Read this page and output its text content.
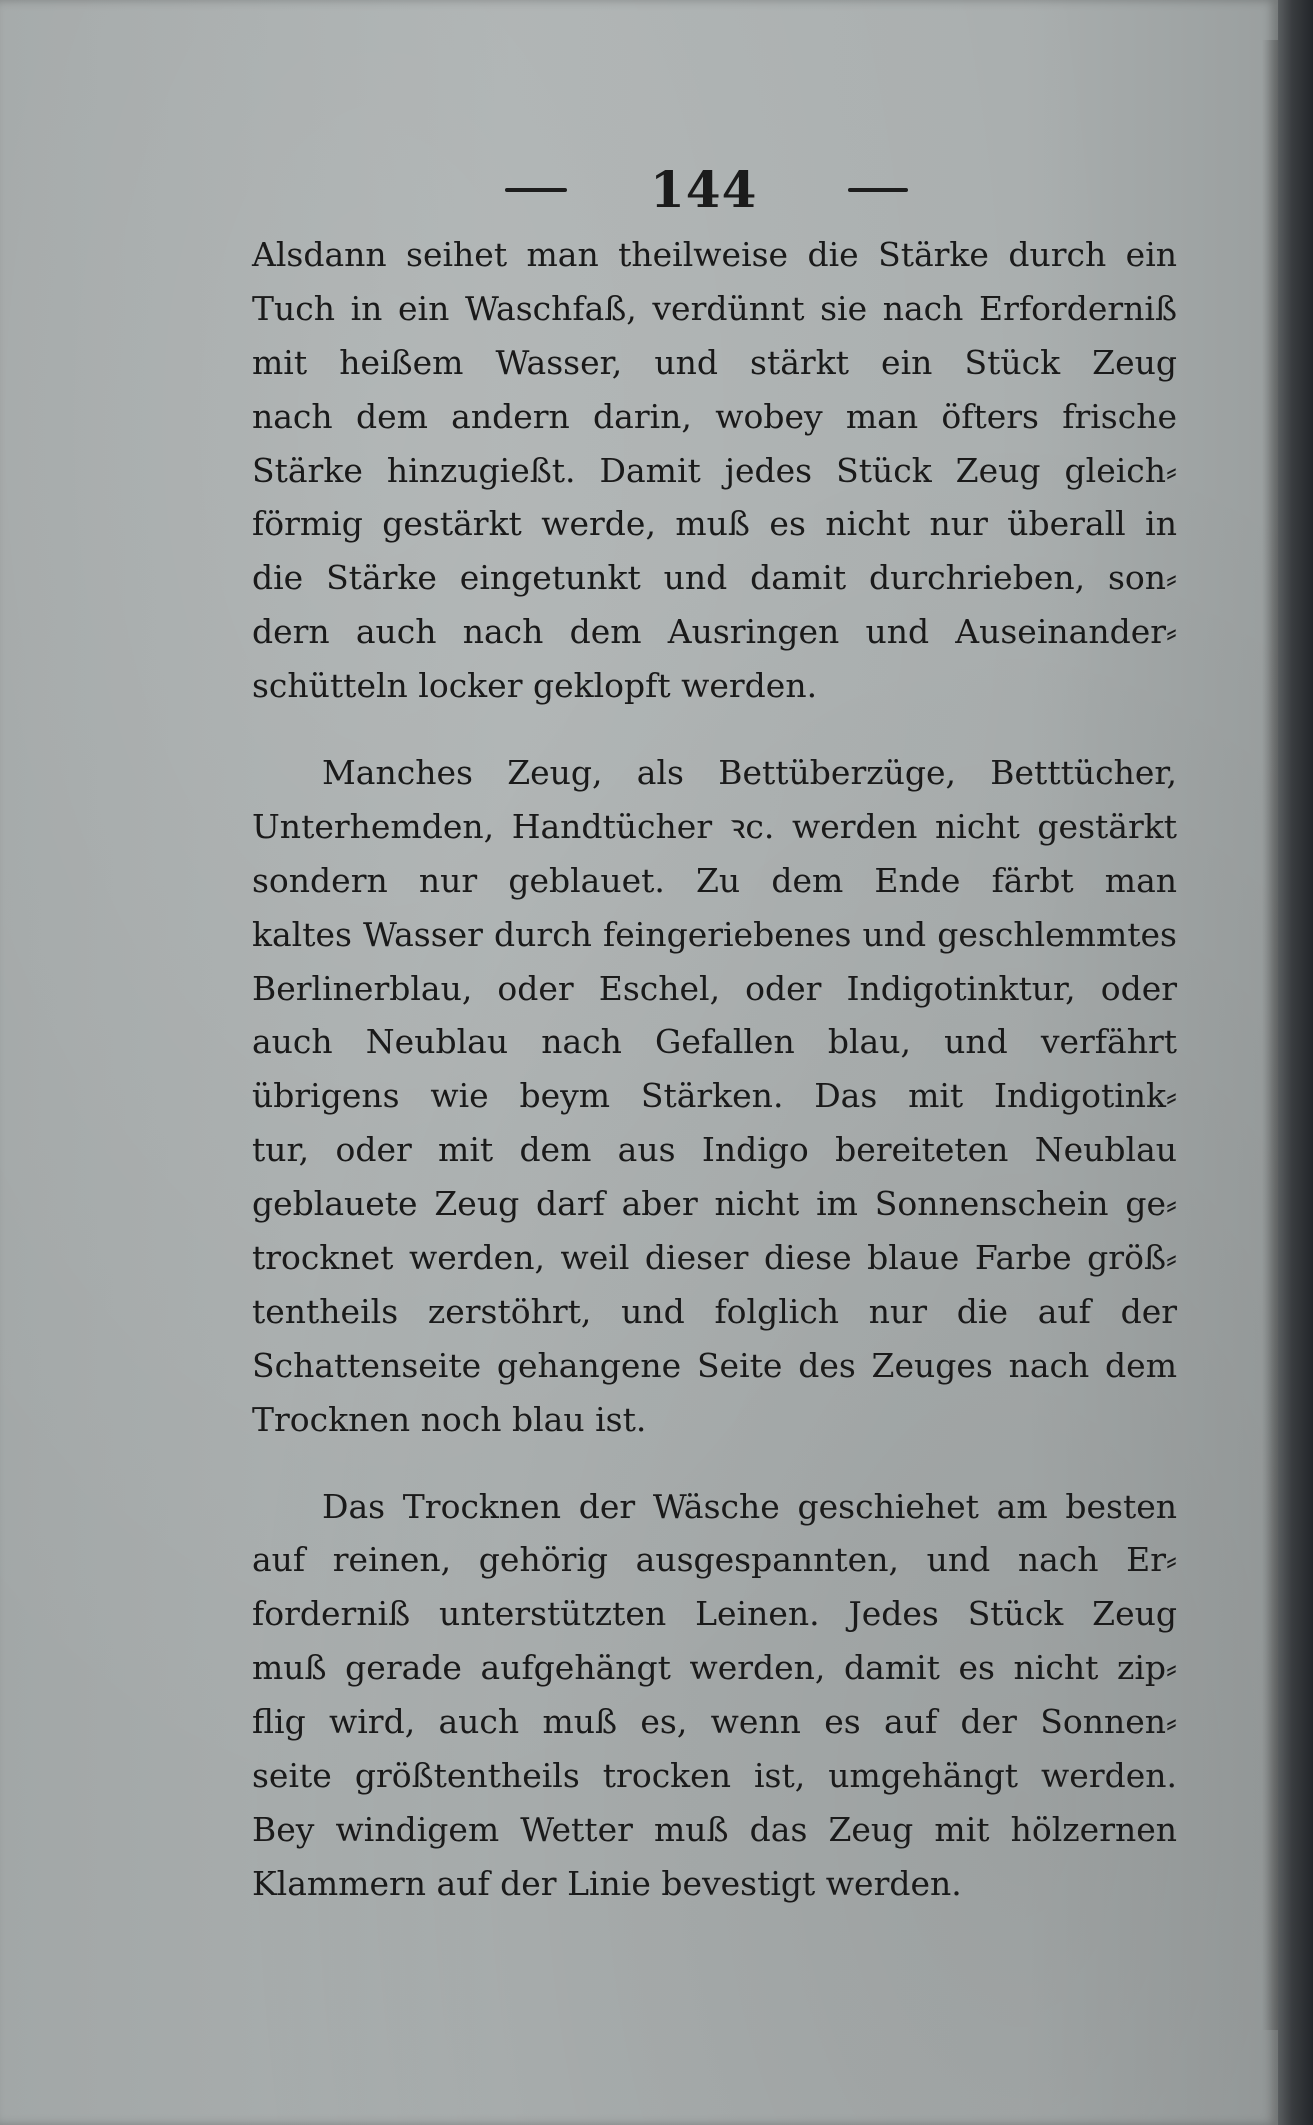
144

Alsdann seihet man theilweise die Stärke durch ein
Tuch in ein Waschfaß, verdünnt sie nach Erforderniß
mit heißem Wasser, und stärkt ein Stück Zeug
nach dem andern darin, wobey man öfters frische
Stärke hinzugießt. Damit jedes Stück Zeug gleich⸗
förmig gestärkt werde, muß es nicht nur überall in
die Stärke eingetunkt und damit durchrieben, son⸗
dern auch nach dem Ausringen und Auseinander⸗
schütteln locker geklopft werden.

Manches Zeug, als Bettüberzüge, Betttücher,
Unterhemden, Handtücher ꝛc. werden nicht gestärkt
sondern nur geblauet. Zu dem Ende färbt man
kaltes Wasser durch feingeriebenes und geschlemmtes
Berlinerblau, oder Eschel, oder Indigotinktur, oder
auch Neublau nach Gefallen blau, und verfährt
übrigens wie beym Stärken. Das mit Indigotink⸗
tur, oder mit dem aus Indigo bereiteten Neublau
geblauete Zeug darf aber nicht im Sonnenschein ge⸗
trocknet werden, weil dieser diese blaue Farbe größ⸗
tentheils zerstöhrt, und folglich nur die auf der
Schattenseite gehangene Seite des Zeuges nach dem
Trocknen noch blau ist.

Das Trocknen der Wäsche geschiehet am besten
auf reinen, gehörig ausgespannten, und nach Er⸗
forderniß unterstützten Leinen. Jedes Stück Zeug
muß gerade aufgehängt werden, damit es nicht zip⸗
flig wird, auch muß es, wenn es auf der Sonnen⸗
seite größtentheils trocken ist, umgehängt werden.
Bey windigem Wetter muß das Zeug mit hölzernen
Klammern auf der Linie bevestigt werden.
